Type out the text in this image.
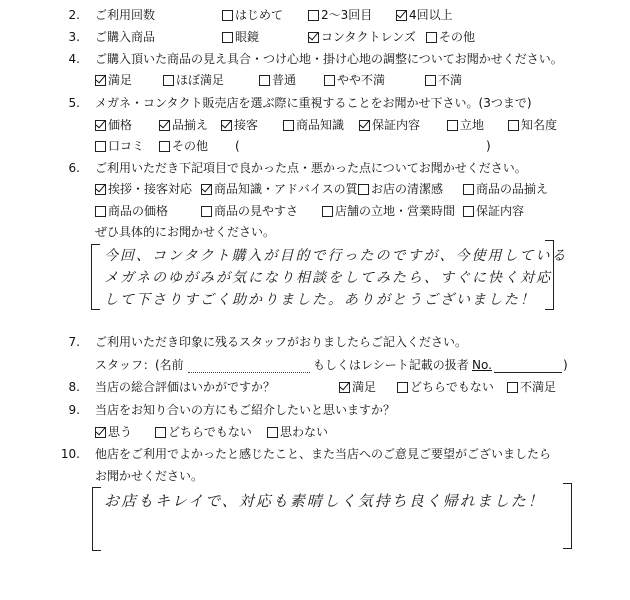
2. ご利用回数	はじめて	2～3回目	4回以上
3. ご購入商品	眼鏡	コンタクトレンズ その他
4. ご購入頂いた商品の見え具合・つけ心地・掛け心地の調整についてお聞かせください。
満足	ほぼ満足	普通	やや不満	不満
5. メガネ・コンタクト販売店を選ぶ際に重視することをお聞かせ下さい。(3つまで)
価格	品揃え 接客	商品知識 保証内容	立地	知名度
口コミ その他 (	)
6. ご利用いただき下記項目で良かった点・悪かった点についてお聞かせください。
挨拶・接客対応 商品知識・アドバイスの質 お店の清潔感	商品の品揃え
商品の価格	商品の見やすさ	店舗の立地・営業時間 保証内容
ぜひ具体的にお聞かせください。
今回、コンタクト購入が目的で行ったのですが、今使用している
メガネのゆがみが気になり相談をしてみたら、すぐに快く対応
して下さりすごく助かりました。ありがとうございました！
7. ご利用いただき印象に残るスタッフがおりましたらご記入ください。
スタッフ：(名前	もしくはレシート記載の扱者 No.	)
8. 当店の総合評価はいかがですか？	満足	どちらでもない 不満足
9. 当店をお知り合いの方にもご紹介したいと思いますか？
思う	どちらでもない 思わない
10. 他店をご利用でよかったと感じたこと、また当店へのご意見ご要望がございましたら
お聞かせください。
お店もキレイで、対応も素晴しく気持ち良く帰れました！
